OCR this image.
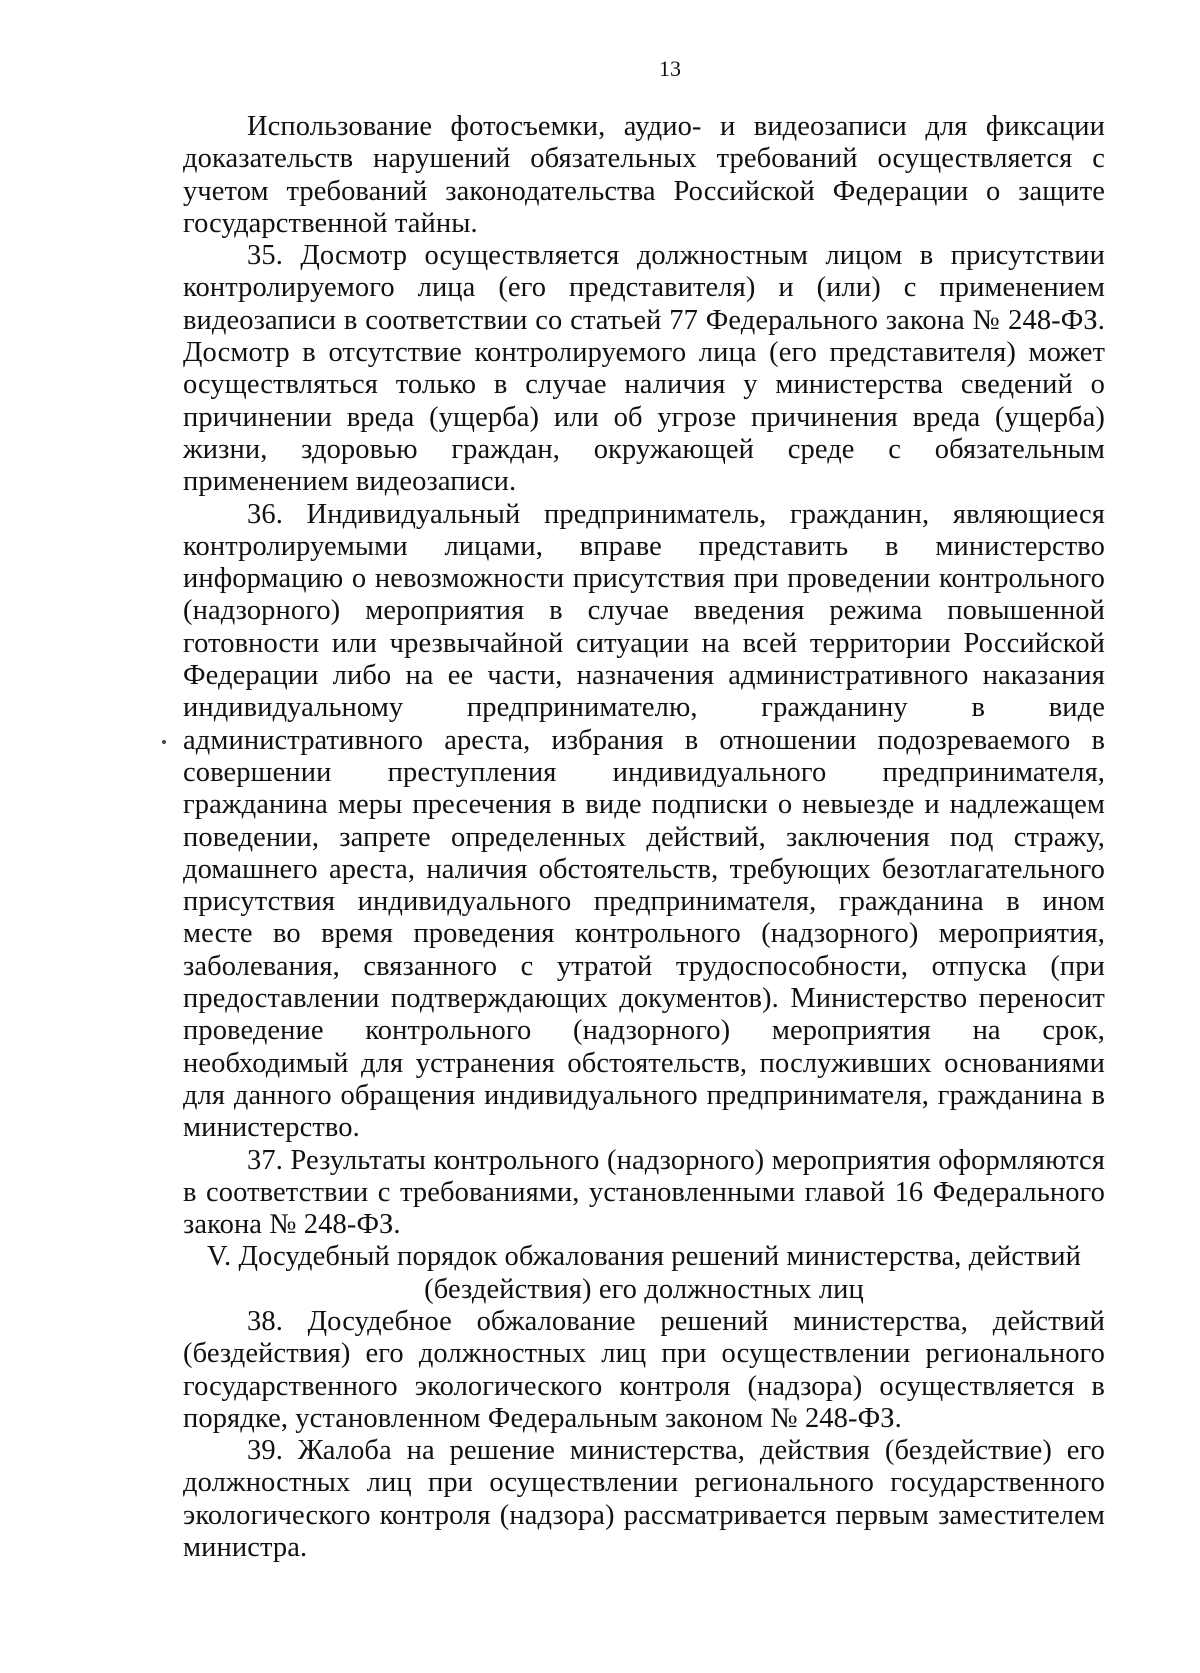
13

Использование фотосъемки, аудио- и видеозаписи для фиксации доказательств нарушений обязательных требований осуществляется с учетом требований законодательства Российской Федерации о защите государственной тайны.

35. Досмотр осуществляется должностным лицом в присутствии контролируемого лица (его представителя) и (или) с применением видеозаписи в соответствии со статьей 77 Федерального закона № 248-ФЗ. Досмотр в отсутствие контролируемого лица (его представителя) может осуществляться только в случае наличия у министерства сведений о причинении вреда (ущерба) или об угрозе причинения вреда (ущерба) жизни, здоровью граждан, окружающей среде с обязательным применением видеозаписи.

36. Индивидуальный предприниматель, гражданин, являющиеся контролируемыми лицами, вправе представить в министерство информацию о невозможности присутствия при проведении контрольного (надзорного) мероприятия в случае введения режима повышенной готовности или чрезвычайной ситуации на всей территории Российской Федерации либо на ее части, назначения административного наказания индивидуальному предпринимателю, гражданину в виде административного ареста, избрания в отношении подозреваемого в совершении преступления индивидуального предпринимателя, гражданина меры пресечения в виде подписки о невыезде и надлежащем поведении, запрете определенных действий, заключения под стражу, домашнего ареста, наличия обстоятельств, требующих безотлагательного присутствия индивидуального предпринимателя, гражданина в ином месте во время проведения контрольного (надзорного) мероприятия, заболевания, связанного с утратой трудоспособности, отпуска (при предоставлении подтверждающих документов). Министерство переносит проведение контрольного (надзорного) мероприятия на срок, необходимый для устранения обстоятельств, послуживших основаниями для данного обращения индивидуального предпринимателя, гражданина в министерство.

37. Результаты контрольного (надзорного) мероприятия оформляются в соответствии с требованиями, установленными главой 16 Федерального закона № 248-ФЗ.

V. Досудебный порядок обжалования решений министерства, действий
(бездействия) его должностных лиц

38. Досудебное обжалование решений министерства, действий (бездействия) его должностных лиц при осуществлении регионального государственного экологического контроля (надзора) осуществляется в порядке, установленном Федеральным законом № 248-ФЗ.

39. Жалоба на решение министерства, действия (бездействие) его должностных лиц при осуществлении регионального государственного экологического контроля (надзора) рассматривается первым заместителем министра.
